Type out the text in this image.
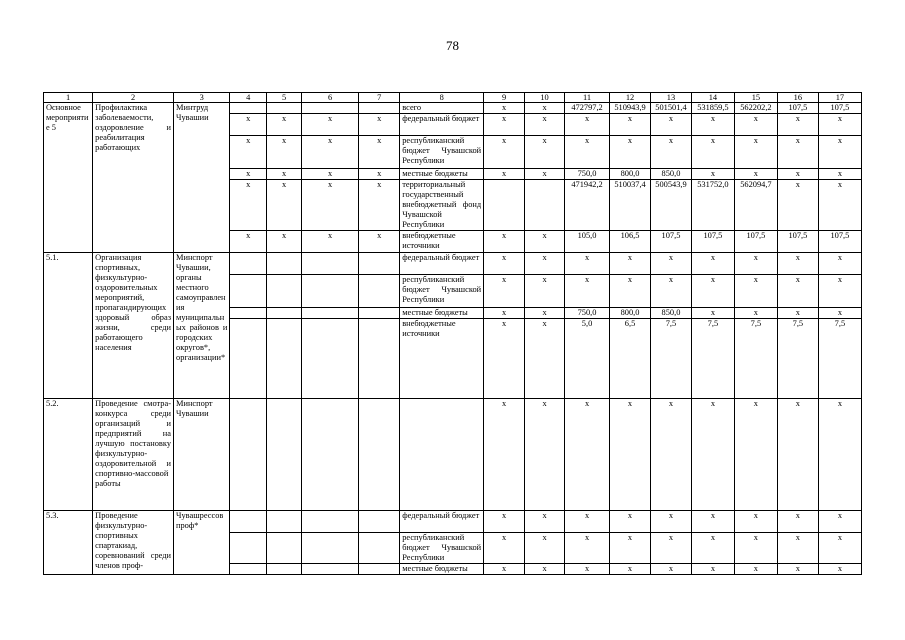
78
1	2	3	4	5	6	7	8	9	10	11	12	13	14	15	16	17
Основное мероприятие 5	Профилактика заболеваемости, оздоровление и реабилитация работающих	Минтруд Чувашии					всего	x	x	472797,2	510943,9	501501,4	531859,5	562202,2	107,5	107,5
			x	x	x	x	федеральный бюджет	x	x	x	x	x	x	x	x	x
			x	x	x	x	республиканский бюджет Чувашской Республики	x	x	x	x	x	x	x	x	x
			x	x	x	x	местные бюджеты	x	x	750,0	800,0	850,0	x	x	x	x
			x	x	x	x	территориальный государственный внебюджетный фонд Чувашской Республики			471942,2	510037,4	500543,9	531752,0	562094,7	x	x
			x	x	x	x	внебюджетные источники	x	x	105,0	106,5	107,5	107,5	107,5	107,5	107,5
5.1.	Организация спортивных, физкультурно-оздоровительных мероприятий, пропагандирующих здоровый образ жизни, среди работающего населения	Минспорт Чувашии, органы местного самоуправления муниципальных районов и городских округов*, организации*					федеральный бюджет	x	x	x	x	x	x	x	x	x
							республиканский бюджет Чувашской Республики	x	x	x	x	x	x	x	x	x
							местные бюджеты	x	x	750,0	800,0	850,0	x	x	x	x
							внебюджетные источники	x	x	5,0	6,5	7,5	7,5	7,5	7,5	7,5
5.2.	Проведение смотра-конкурса среди организаций и предприятий на лучшую постановку физкультурно-оздоровительной и спортивно-массовой работы	Минспорт Чувашии						x	x	x	x	x	x	x	x	x
5.3.	Проведение физкультурно-спортивных спартакиад, соревнований среди членов проф-	Чувашрессовпроф*					федеральный бюджет	x	x	x	x	x	x	x	x	x
							республиканский бюджет Чувашской Республики	x	x	x	x	x	x	x	x	x
							местные бюджеты	x	x	x	x	x	x	x	x	x
